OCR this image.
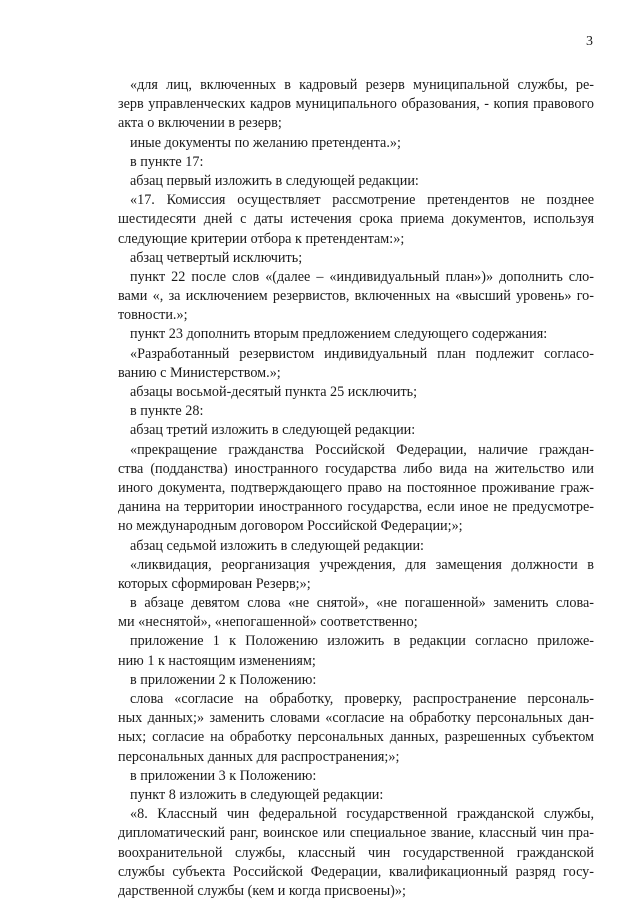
3
«для лиц, включенных в кадровый резерв муниципальной службы, ре-
зерв управленческих кадров муниципального образования, - копия правового
акта о включении в резерв;
иные документы по желанию претендента.»;
в пункте 17:
абзац первый изложить в следующей редакции:
«17. Комиссия осуществляет рассмотрение претендентов не позднее
шестидесяти дней с даты истечения срока приема документов, используя
следующие критерии отбора к претендентам:»;
абзац четвертый исключить;
пункт 22 после слов «(далее – «индивидуальный план»)» дополнить сло-
вами «, за исключением резервистов, включенных на «высший уровень» го-
товности.»;
пункт 23 дополнить вторым предложением следующего содержания:
«Разработанный резервистом индивидуальный план подлежит согласо-
ванию с Министерством.»;
абзацы восьмой-десятый пункта 25 исключить;
в пункте 28:
абзац третий изложить в следующей редакции:
«прекращение гражданства Российской Федерации, наличие граждан-
ства (подданства) иностранного государства либо вида на жительство или
иного документа, подтверждающего право на постоянное проживание граж-
данина на территории иностранного государства, если иное не предусмотре-
но международным договором Российской Федерации;»;
абзац седьмой изложить в следующей редакции:
«ликвидация, реорганизация учреждения, для замещения должности в
которых сформирован Резерв;»;
в абзаце девятом слова «не снятой», «не погашенной» заменить слова-
ми «неснятой», «непогашенной» соответственно;
приложение 1 к Положению изложить в редакции согласно приложе-
нию 1 к настоящим изменениям;
в приложении 2 к Положению:
слова «согласие на обработку, проверку, распространение персональ-
ных данных;» заменить словами «согласие на обработку персональных дан-
ных; согласие на обработку персональных данных, разрешенных субъектом
персональных данных для распространения;»;
в приложении 3 к Положению:
пункт 8 изложить в следующей редакции:
«8. Классный чин федеральной государственной гражданской службы,
дипломатический ранг, воинское или специальное звание, классный чин пра-
воохранительной службы, классный чин государственной гражданской
службы субъекта Российской Федерации, квалификационный разряд госу-
дарственной службы (кем и когда присвоены)»;
